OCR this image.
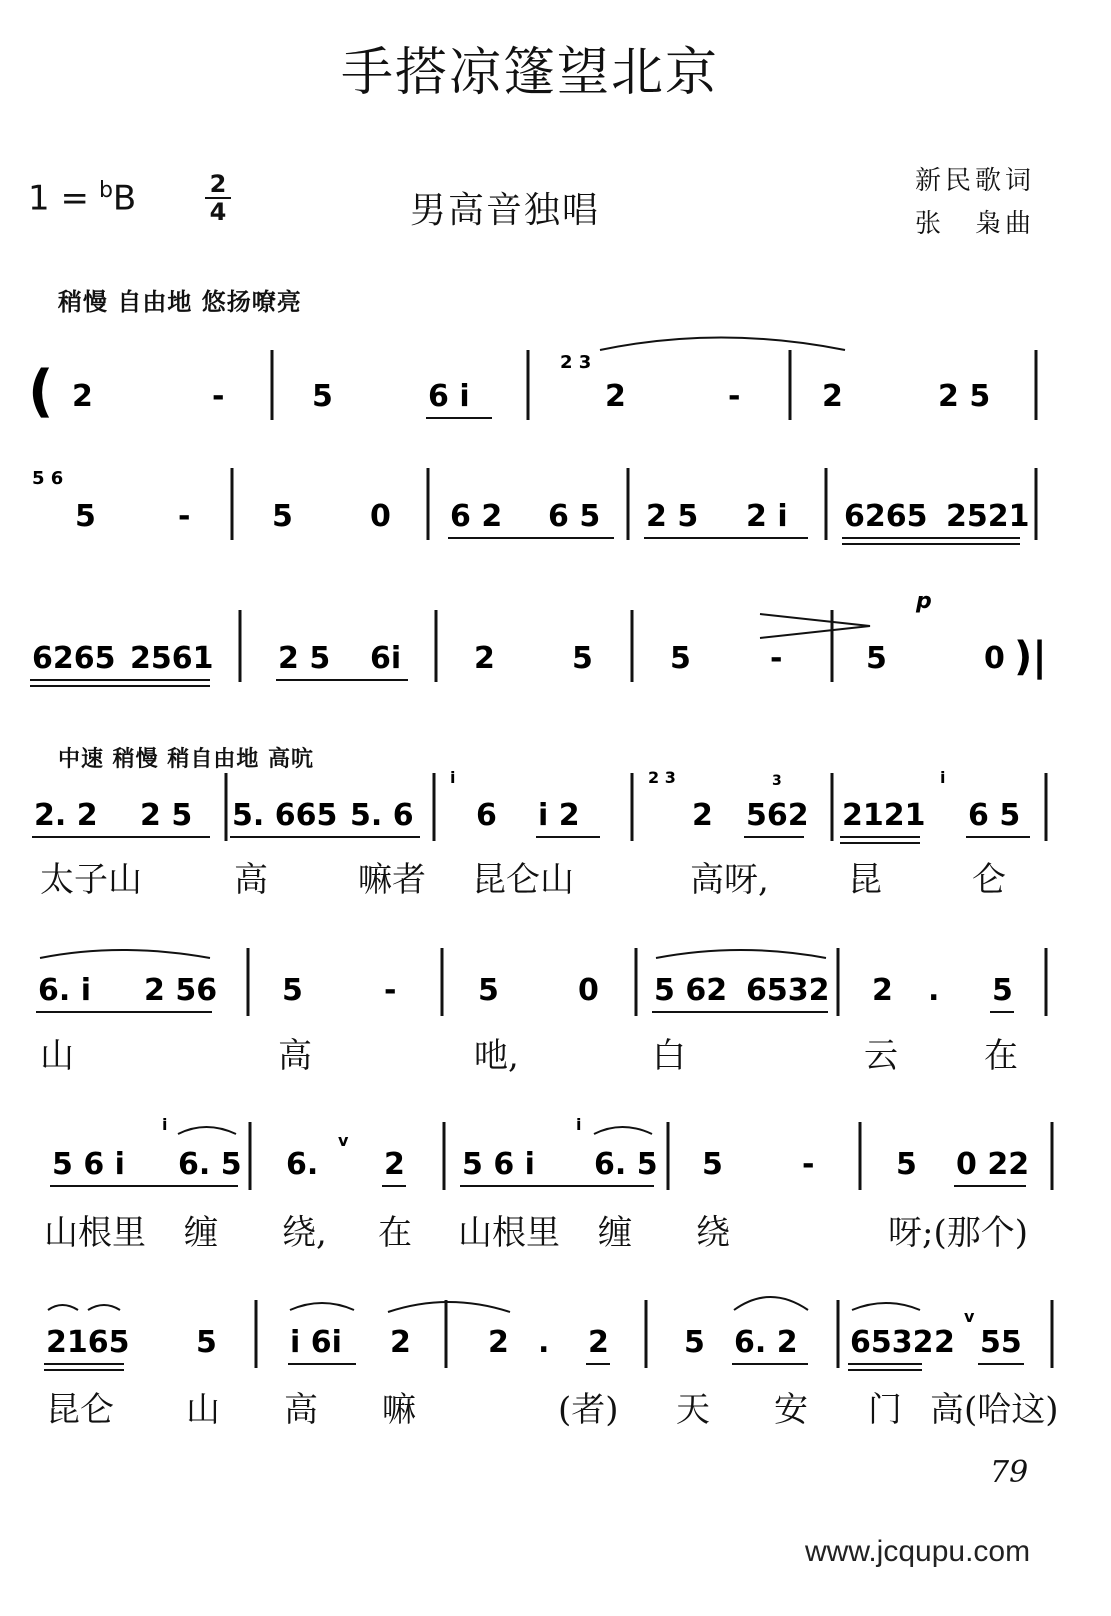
手搭凉篷望北京
1 = $^b$B	2
4	男高音独唱
新民歌词
张　枭曲
稍慢 自由地 悠扬嘹亮
中速 稍慢 稍自由地 高吭
( 2	-	5	6 i
2 3
2	-	2	2 5
5 6
5	-	5	0 6 2 6 5 2 5 2 i 6265 2521
6265 2561 2 5 6i 2	5	5	-
p
5	0 )|
2. 2 2 5 5. 665 5. 6
i
6 i 2
2 3
2
3
562 2121
i
6 5
太子山	高	嘛者 昆仑山	高呀, 昆	仑
6. i 2 56 5	-	5	0 5 62 6532 2 . 5
山	高	吔,	白	云	在
5 6 i
i
6. 5 6.
v
2 5 6 i
i
6. 5 5	-	5 0 22
山根里 缠 绕, 在 山根里 缠 绕	呀;(那个)
2165 5 i 6i 2	2 . 2	5 6. 2 6532 2
v
55
昆仑 山 高 嘛	(者) 天 安 门 高(哈这)
79
www.jcqupu.com
